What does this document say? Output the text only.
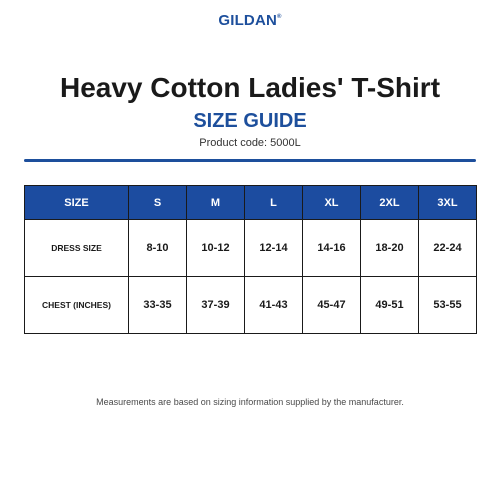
GILDAN®
Heavy Cotton Ladies' T-Shirt
SIZE GUIDE
Product code: 5000L
SIZE	S	M	L	XL	2XL	3XL
DRESS SIZE	8-10	10-12	12-14	14-16	18-20	22-24
CHEST (INCHES)	33-35	37-39	41-43	45-47	49-51	53-55
Measurements are based on sizing information supplied by the manufacturer.
